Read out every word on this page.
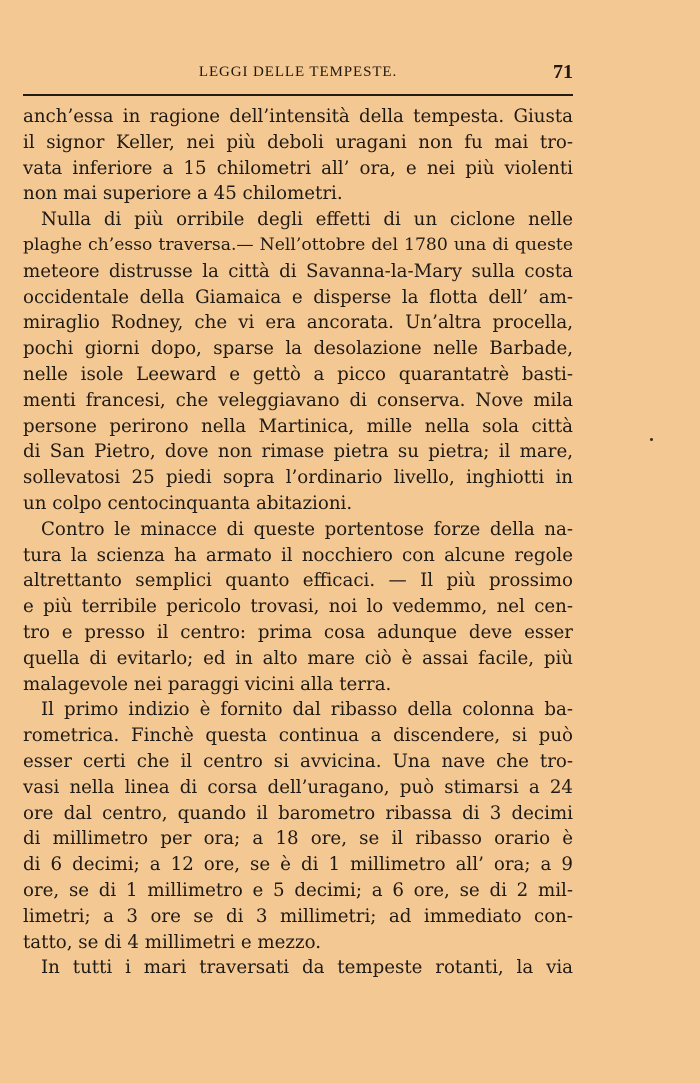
LEGGI DELLE TEMPESTE.	71
anch’essa in ragione dell’intensità della tempesta. Giusta
il signor Keller, nei più deboli uragani non fu mai tro-
vata inferiore a 15 chilometri all’ ora, e nei più violenti
non mai superiore a 45 chilometri.
Nulla di più orribile degli effetti di un ciclone nelle
plaghe ch’esso traversa.— Nell’ottobre del 1780 una di queste
meteore distrusse la città di Savanna-la-Mary sulla costa
occidentale della Giamaica e disperse la flotta dell’ am-
miraglio Rodney, che vi era ancorata. Un’altra procella,
pochi giorni dopo, sparse la desolazione nelle Barbade,
nelle isole Leeward e gettò a picco quarantatrè basti-
menti francesi, che veleggiavano di conserva. Nove mila
persone perirono nella Martinica, mille nella sola città
di San Pietro, dove non rimase pietra su pietra; il mare,
sollevatosi 25 piedi sopra l’ordinario livello, inghiotti in
un colpo centocinquanta abitazioni.
Contro le minacce di queste portentose forze della na-
tura la scienza ha armato il nocchiero con alcune regole
altrettanto semplici quanto efficaci. — Il più prossimo
e più terribile pericolo trovasi, noi lo vedemmo, nel cen-
tro e presso il centro: prima cosa adunque deve esser
quella di evitarlo; ed in alto mare ciò è assai facile, più
malagevole nei paraggi vicini alla terra.
Il primo indizio è fornito dal ribasso della colonna ba-
rometrica. Finchè questa continua a discendere, si può
esser certi che il centro si avvicina. Una nave che tro-
vasi nella linea di corsa dell’uragano, può stimarsi a 24
ore dal centro, quando il barometro ribassa di 3 decimi
di millimetro per ora; a 18 ore, se il ribasso orario è
di 6 decimi; a 12 ore, se è di 1 millimetro all’ ora; a 9
ore, se di 1 millimetro e 5 decimi; a 6 ore, se di 2 mil-
limetri; a 3 ore se di 3 millimetri; ad immediato con-
tatto, se di 4 millimetri e mezzo.
In tutti i mari traversati da tempeste rotanti, la via
